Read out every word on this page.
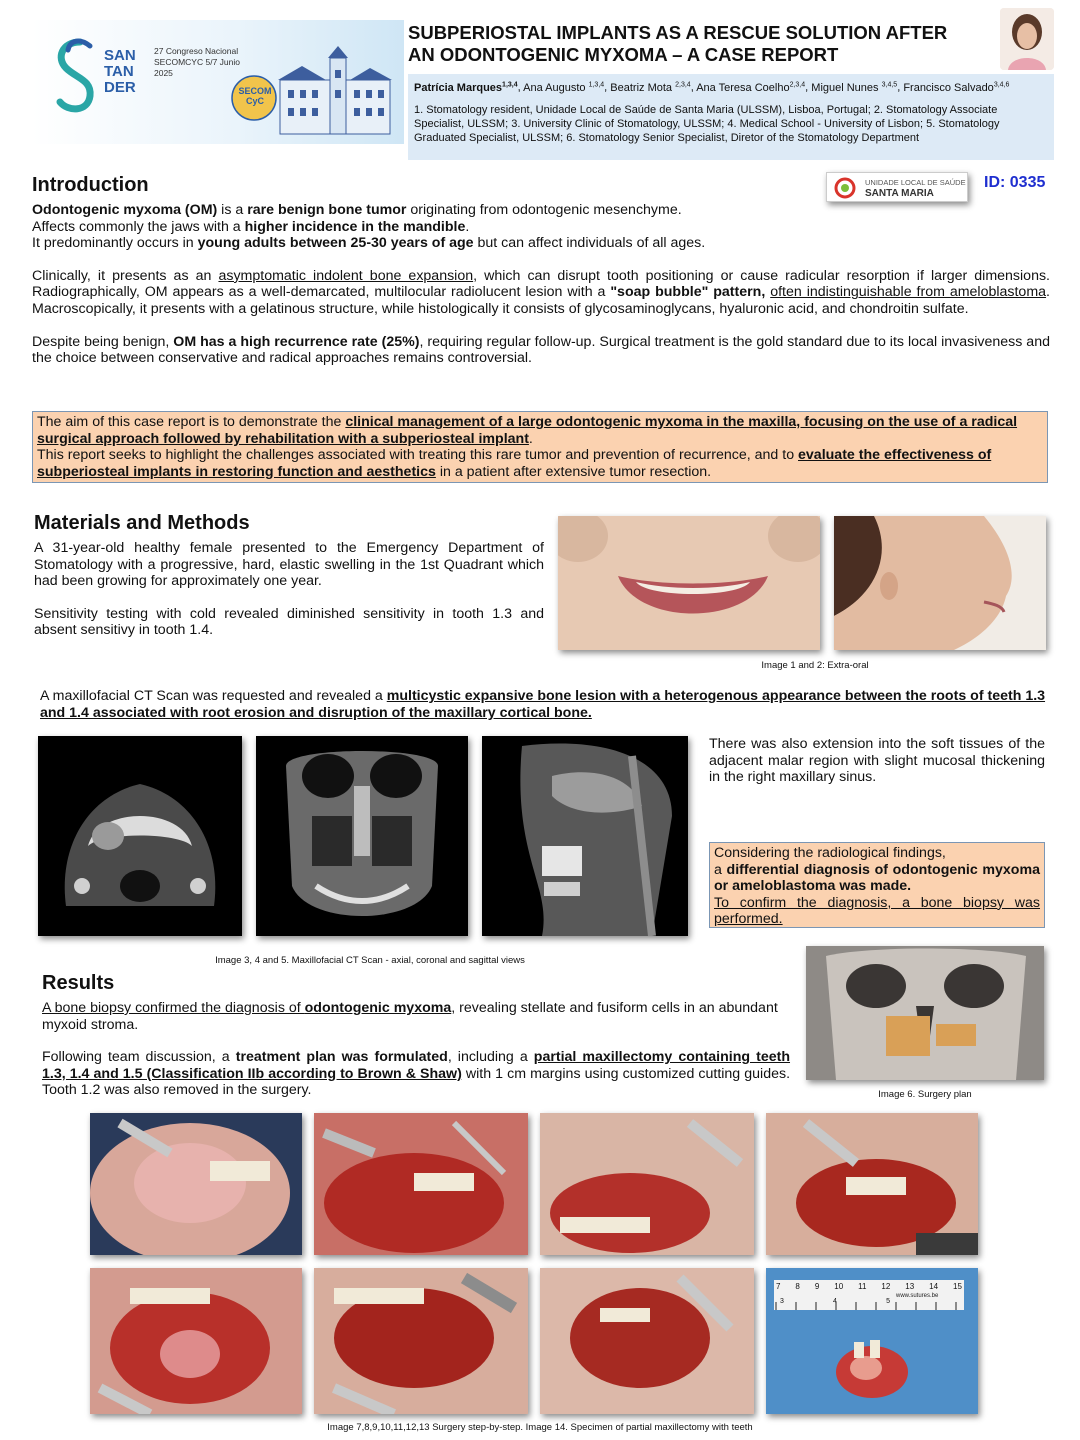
SAN TAN DER
27 Congreso Nacional SECOMCYC 5/7 Junio 2025
SECOM CyC
SUBPERIOSTAL IMPLANTS AS A RESCUE SOLUTION AFTER
AN ODONTOGENIC MYXOMA – A CASE REPORT
Patrícia Marques$^{1,3,4}$, Ana Augusto $^{1,3,4}$, Beatriz Mota $^{2,3,4}$, Ana Teresa Coelho$^{2,3,4}$, Miguel Nunes $^{3,4,5}$, Francisco Salvado$^{3,4,6}$
1. Stomatology resident, Unidade Local de Saúde de Santa Maria (ULSSM), Lisboa, Portugal; 2. Stomatology Associate Specialist, ULSSM; 3. University Clinic of Stomatology, ULSSM; 4. Medical School - University of Lisbon; 5. Stomatology Graduated Specialist, ULSSM; 6. Stomatology Senior Specialist, Diretor of the Stomatology Department
Introduction	UNIDADE LOCAL DE SAÚDE
SANTA MARIA
ID: 0335
Odontogenic myxoma (OM) is a rare benign bone tumor originating from odontogenic mesenchyme.
Affects commonly the jaws with a higher incidence in the mandible.
It predominantly occurs in young adults between 25-30 years of age but can affect individuals of all ages.
Clinically, it presents as an asymptomatic indolent bone expansion, which can disrupt tooth positioning or cause radicular resorption if larger dimensions. Radiographically, OM appears as a well-demarcated, multilocular radiolucent lesion with a "soap bubble" pattern, often indistinguishable from ameloblastoma. Macroscopically, it presents with a gelatinous structure, while histologically it consists of glycosaminoglycans, hyaluronic acid, and chondroitin sulfate.
Despite being benign, OM has a high recurrence rate (25%), requiring regular follow-up. Surgical treatment is the gold standard due to its local invasiveness and the choice between conservative and radical approaches remains controversial.
The aim of this case report is to demonstrate the clinical management of a large odontogenic myxoma in the maxilla, focusing on the use of a radical surgical approach followed by rehabilitation with a subperiosteal implant.
This report seeks to highlight the challenges associated with treating this rare tumor and prevention of recurrence, and to evaluate the effectiveness of subperiosteal implants in restoring function and aesthetics in a patient after extensive tumor resection.
Materials and Methods
A 31-year-old healthy female presented to the Emergency Department of Stomatology with a progressive, hard, elastic swelling in the 1st Quadrant which had been growing for approximately one year.
Sensitivity testing with cold revealed diminished sensitivity in tooth 1.3 and absent sensitivy in tooth 1.4.
Image 1 and 2: Extra-oral
A maxillofacial CT Scan was requested and revealed a multicystic expansive bone lesion with a heterogenous appearance between the roots of teeth 1.3 and 1.4 associated with root erosion and disruption of the maxillary cortical bone.
There was also extension into the soft tissues of the adjacent malar region with slight mucosal thickening in the right maxillary sinus.
Considering the radiological findings,
a differential diagnosis of odontogenic myxoma or ameloblastoma was made.
To confirm the diagnosis, a bone biopsy was performed.
Image 3, 4 and 5. Maxillofacial CT Scan - axial, coronal and sagittal views
Results
A bone biopsy confirmed the diagnosis of odontogenic myxoma, revealing stellate and fusiform cells in an abundant myxoid stroma.
Following team discussion, a treatment plan was formulated, including a partial maxillectomy containing teeth 1.3, 1.4 and 1.5 (Classification IIb according to Brown & Shaw) with 1 cm margins using customized cutting guides. Tooth 1.2 was also removed in the surgery.	Image 6. Surgery plan
7 8 9 10 11 12 13 14 15
www.sutures.be
3	4	5
Image 7,8,9,10,11,12,13 Surgery step-by-step. Image 14. Specimen of partial maxillectomy with teeth
